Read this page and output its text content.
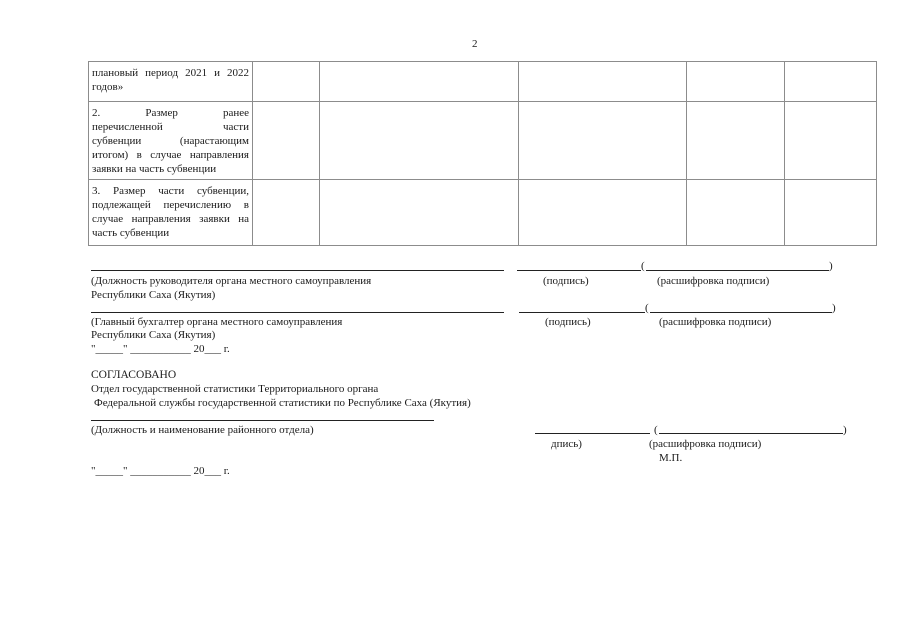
2
плановый период 2021 и 2022
годов»					

2. Размер ранее
перечисленной части
субвенции (нарастающим
итогом) в случае направления
заявки на часть субвенции					

3. Размер части субвенции,
подлежащей перечислению в
случае направления заявки на
часть субвенции					

(	)
(Должность руководителя органа местного самоуправления	(подпись)	(расшифровка подписи)
Республики Саха (Якутия)
(	)
(Главный бухгалтер органа местного самоуправления	(подпись)	(расшифровка подписи)
Республики Саха (Якутия)
"_____" ___________ 20___ г.
СОГЛАСОВАНО
Отдел государственной статистики Территориального органа
Федеральной службы государственной статистики по Республике Саха (Якутия)
(Должность и наименование районного отдела)	(	)
дпись)	(расшифровка подписи)
М.П.
"_____" ___________ 20___ г.
